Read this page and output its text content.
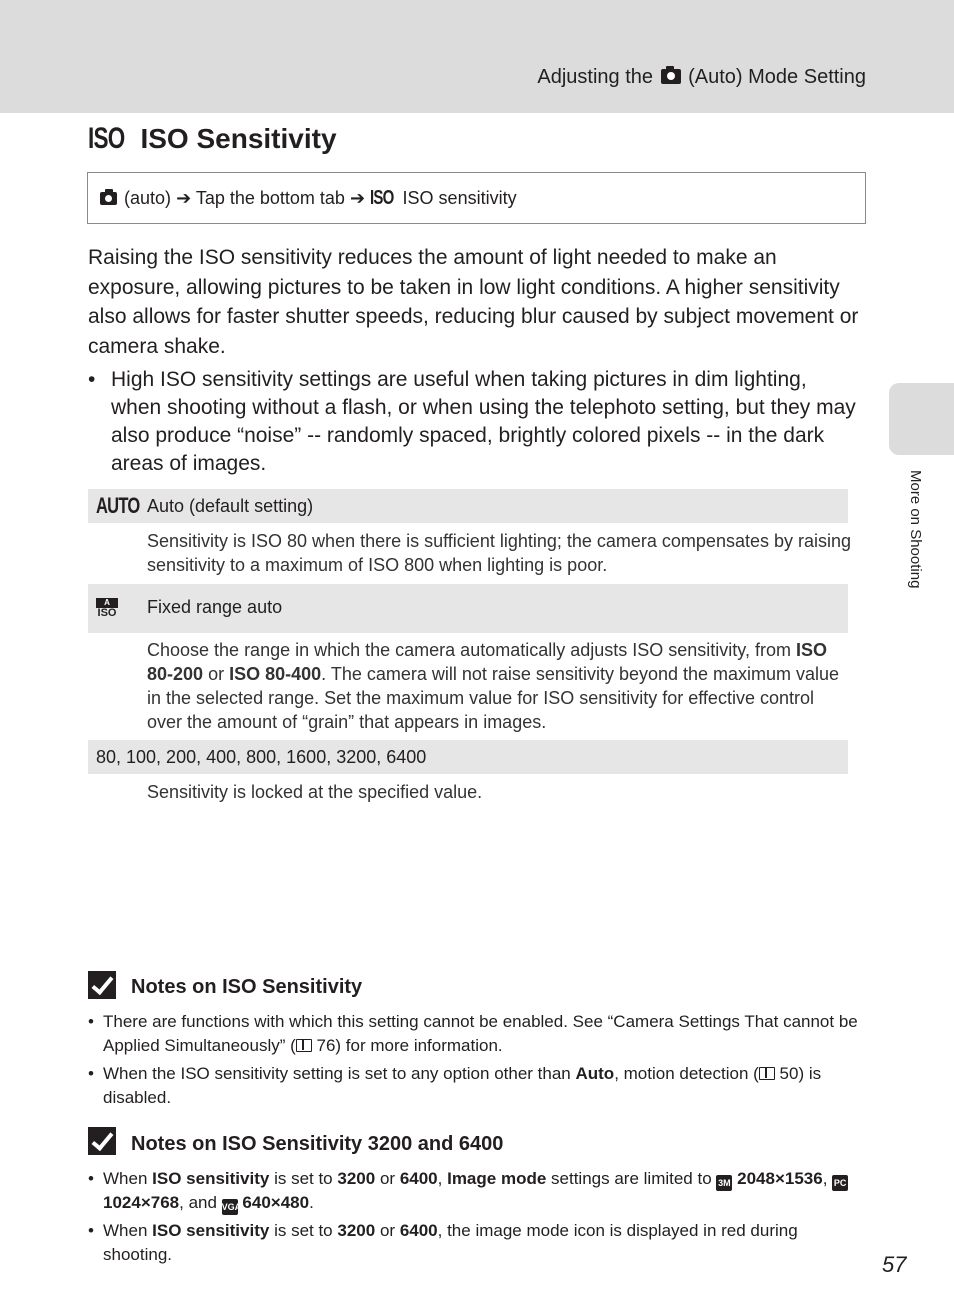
Adjusting the (Auto) Mode Setting
ISO ISO Sensitivity
(auto) ➔ Tap the bottom tab ➔ ISO ISO sensitivity
Raising the ISO sensitivity reduces the amount of light needed to make an exposure, allowing pictures to be taken in low light conditions. A higher sensitivity also allows for faster shutter speeds, reducing blur caused by subject movement or camera shake.
• High ISO sensitivity settings are useful when taking pictures in dim lighting, when shooting without a flash, or when using the telephoto setting, but they may also produce “noise” -- randomly spaced, brightly colored pixels -- in the dark areas of images.
AUTO Auto (default setting)
Sensitivity is ISO 80 when there is sufficient lighting; the camera compensates by raising sensitivity to a maximum of ISO 800 when lighting is poor.
A
ISO Fixed range auto
Choose the range in which the camera automatically adjusts ISO sensitivity, from ISO 80-200 or ISO 80-400. The camera will not raise sensitivity beyond the maximum value in the selected range. Set the maximum value for ISO sensitivity for effective control over the amount of “grain” that appears in images.
80, 100, 200, 400, 800, 1600, 3200, 6400
Sensitivity is locked at the specified value.
Notes on ISO Sensitivity
• There are functions with which this setting cannot be enabled. See “Camera Settings That cannot be Applied Simultaneously” ( 76) for more information.
• When the ISO sensitivity setting is set to any option other than Auto, motion detection ( 50) is disabled.
Notes on ISO Sensitivity 3200 and 6400
• When ISO sensitivity is set to 3200 or 6400, Image mode settings are limited to 3M 2048×1536, PC 1024×768, and VGA 640×480.
• When ISO sensitivity is set to 3200 or 6400, the image mode icon is displayed in red during shooting.
More on Shooting
57
